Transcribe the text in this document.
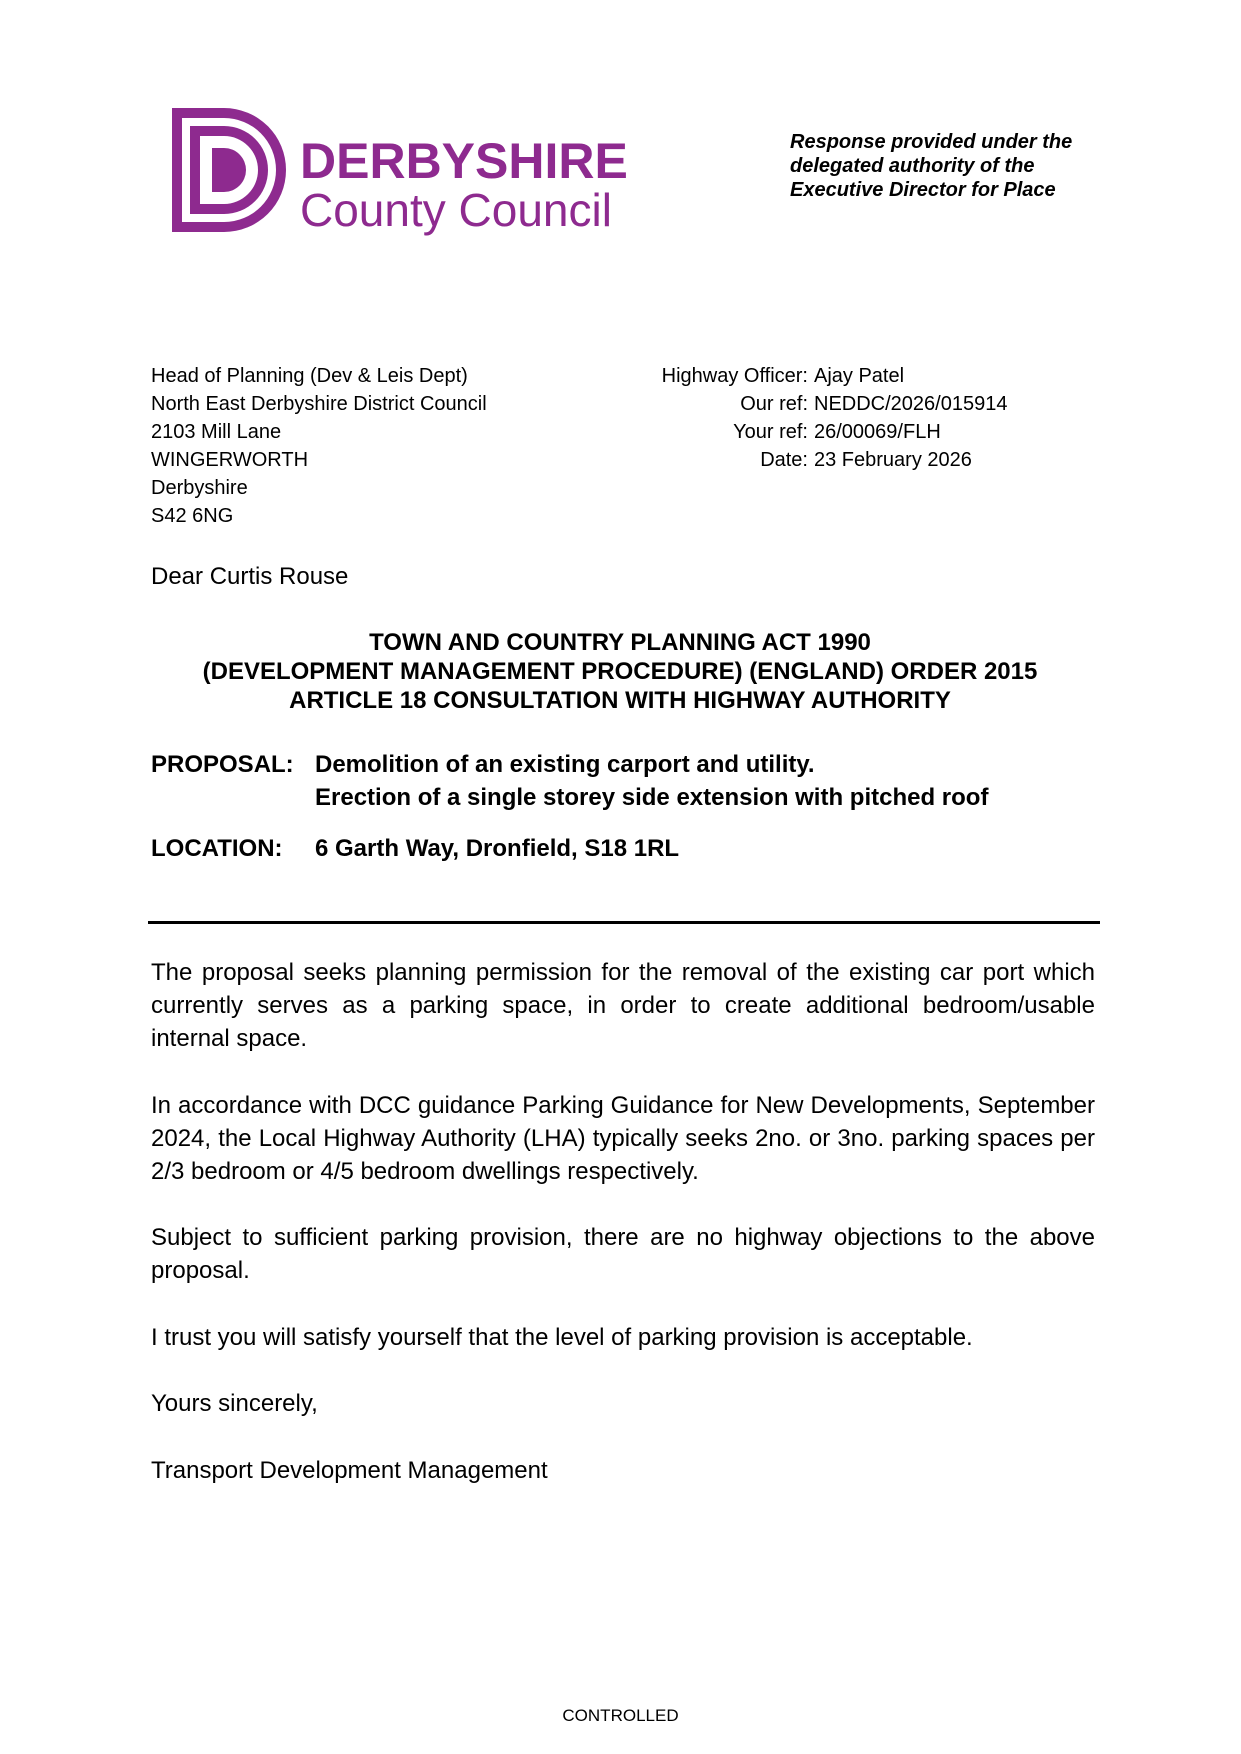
DERBYSHIRE
County Council
Response provided under the
delegated authority of the
Executive Director for Place
Head of Planning (Dev & Leis Dept)
North East Derbyshire District Council
2103 Mill Lane
WINGERWORTH
Derbyshire
S42 6NG
Highway Officer: Ajay Patel
Our ref: NEDDC/2026/015914
Your ref: 26/00069/FLH
Date: 23 February 2026
Dear Curtis Rouse
TOWN AND COUNTRY PLANNING ACT 1990
(DEVELOPMENT MANAGEMENT PROCEDURE) (ENGLAND) ORDER 2015
ARTICLE 18 CONSULTATION WITH HIGHWAY AUTHORITY
PROPOSAL: Demolition of an existing carport and utility.
Erection of a single storey side extension with pitched roof
LOCATION:	6 Garth Way, Dronfield, S18 1RL
The proposal seeks planning permission for the removal of the existing car port which currently serves as a parking space, in order to create additional bedroom/usable internal space.
In accordance with DCC guidance Parking Guidance for New Developments, September 2024, the Local Highway Authority (LHA) typically seeks 2no. or 3no. parking spaces per 2/3 bedroom or 4/5 bedroom dwellings respectively.
Subject to sufficient parking provision, there are no highway objections to the above proposal.
I trust you will satisfy yourself that the level of parking provision is acceptable.
Yours sincerely,
Transport Development Management
CONTROLLED
